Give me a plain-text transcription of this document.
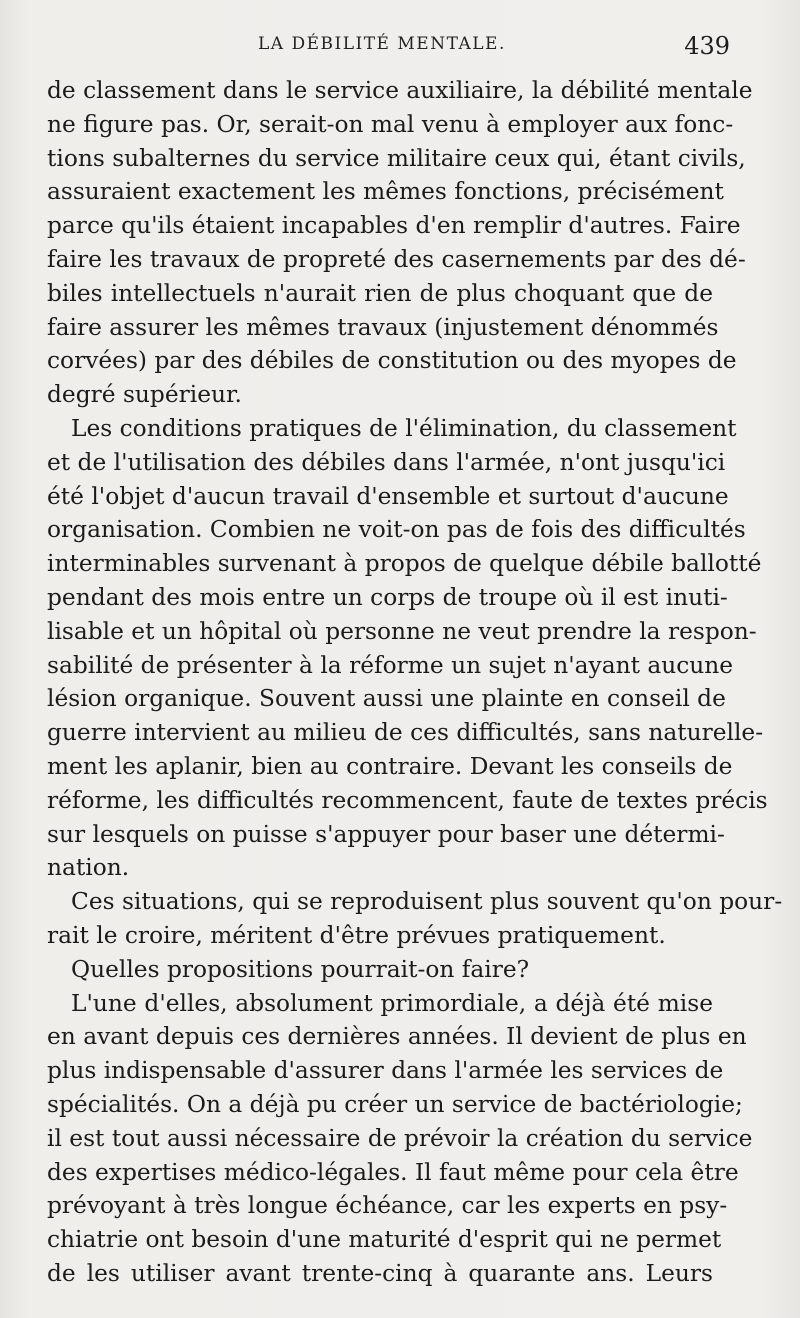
LA DÉBILITÉ MENTALE.	439
de classement dans le service auxiliaire, la débilité mentale
ne figure pas. Or, serait-on mal venu à employer aux fonc-
tions subalternes du service militaire ceux qui, étant civils,
assuraient exactement les mêmes fonctions, précisément
parce qu'ils étaient incapables d'en remplir d'autres. Faire
faire les travaux de propreté des casernements par des dé-
biles intellectuels n'aurait rien de plus choquant que de
faire assurer les mêmes travaux (injustement dénommés
corvées) par des débiles de constitution ou des myopes de
degré supérieur.
Les conditions pratiques de l'élimination, du classement
et de l'utilisation des débiles dans l'armée, n'ont jusqu'ici
été l'objet d'aucun travail d'ensemble et surtout d'aucune
organisation. Combien ne voit-on pas de fois des difficultés
interminables survenant à propos de quelque débile ballotté
pendant des mois entre un corps de troupe où il est inuti-
lisable et un hôpital où personne ne veut prendre la respon-
sabilité de présenter à la réforme un sujet n'ayant aucune
lésion organique. Souvent aussi une plainte en conseil de
guerre intervient au milieu de ces difficultés, sans naturelle-
ment les aplanir, bien au contraire. Devant les conseils de
réforme, les difficultés recommencent, faute de textes précis
sur lesquels on puisse s'appuyer pour baser une détermi-
nation.
Ces situations, qui se reproduisent plus souvent qu'on pour-
rait le croire, méritent d'être prévues pratiquement.
Quelles propositions pourrait-on faire?
L'une d'elles, absolument primordiale, a déjà été mise
en avant depuis ces dernières années. Il devient de plus en
plus indispensable d'assurer dans l'armée les services de
spécialités. On a déjà pu créer un service de bactériologie;
il est tout aussi nécessaire de prévoir la création du service
des expertises médico-légales. Il faut même pour cela être
prévoyant à très longue échéance, car les experts en psy-
chiatrie ont besoin d'une maturité d'esprit qui ne permet
de les utiliser avant trente-cinq à quarante ans. Leurs
